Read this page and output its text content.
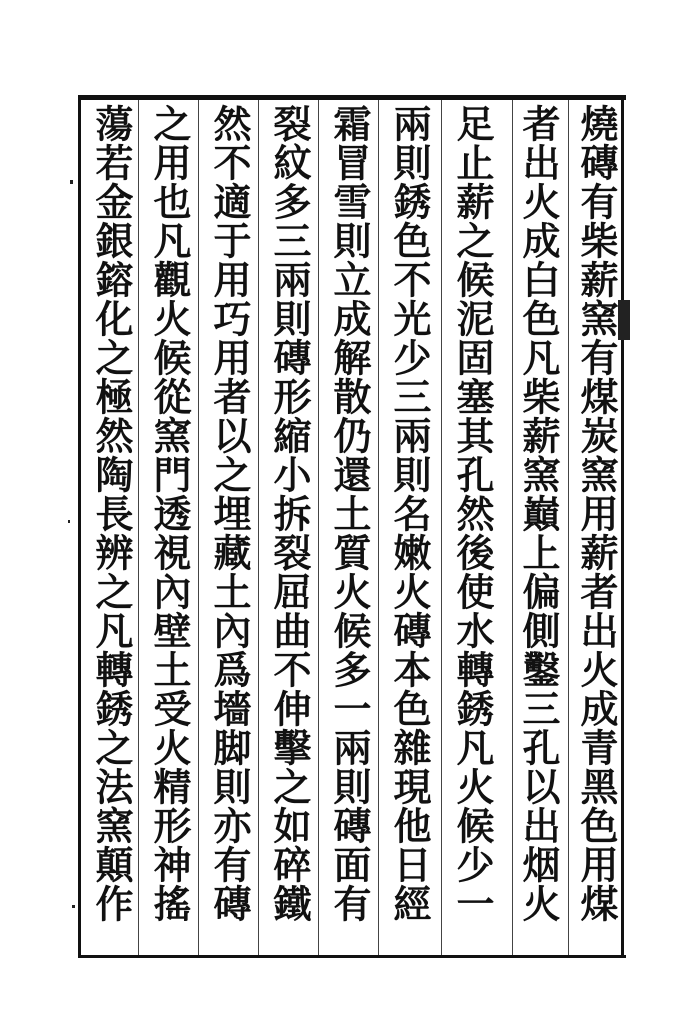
燒磚有柴薪窯有煤炭窯用薪者出火成青黑色用煤
者出火成白色凡柴薪窯巔上偏側鑿三孔以出烟火
足止薪之候泥固塞其孔然後使水轉銹凡火候少一
兩則銹色不光少三兩則名嫩火磚本色雜現他日經
霜冒雪則立成解散仍還土質火候多一兩則磚面有
裂紋多三兩則磚形縮小拆裂屈曲不伸擊之如碎鐵
然不適于用巧用者以之埋藏土內爲墻脚則亦有磚
之用也凡觀火候從窯門透視內壁土受火精形神搖
蕩若金銀鎔化之極然陶長辨之凡轉銹之法窯顛作
